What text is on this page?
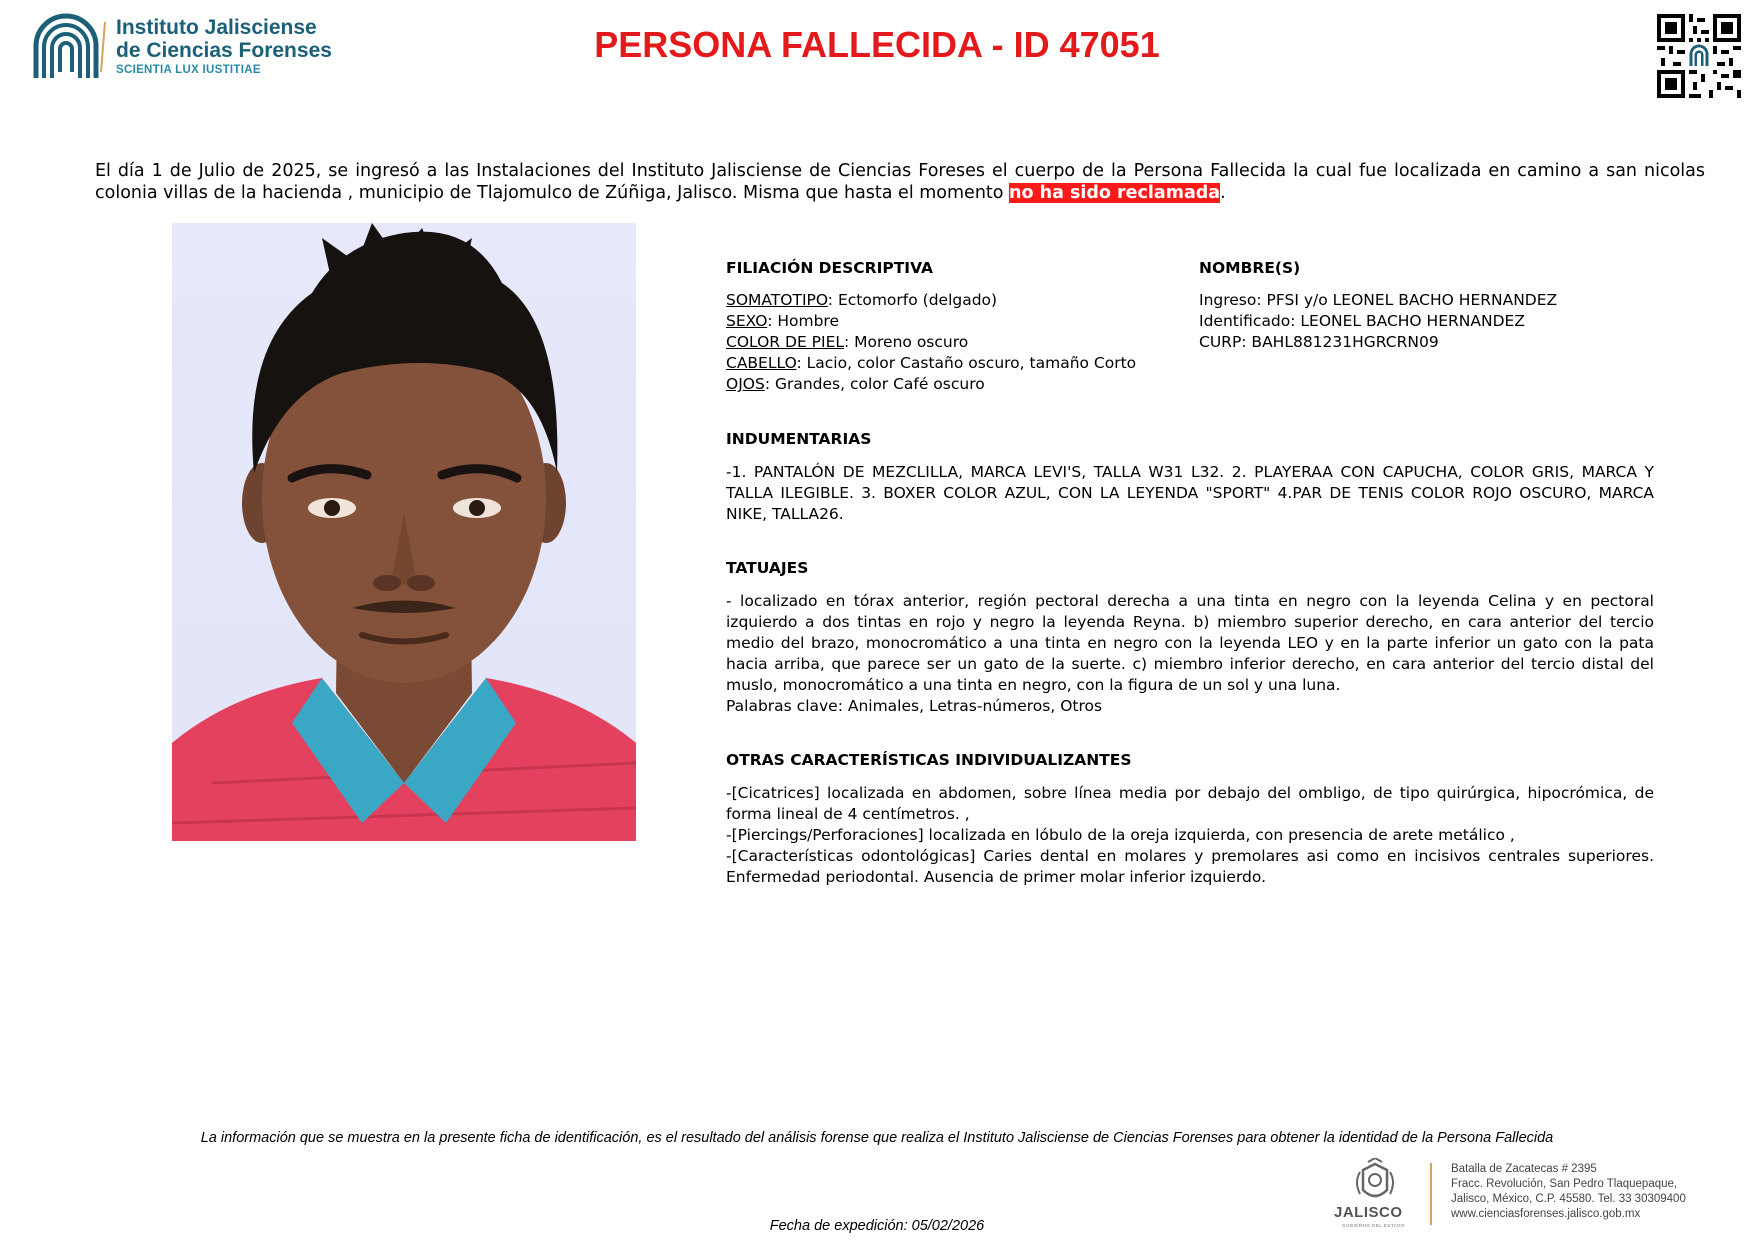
Instituto Jalisciense
de Ciencias Forenses
SCIENTIA LUX IUSTITIAE
PERSONA FALLECIDA - ID 47051
El día 1 de Julio de 2025, se ingresó a las Instalaciones del Instituto Jalisciense de Ciencias Foreses el cuerpo de la Persona Fallecida la cual fue localizada en camino a san nicolas colonia villas de la hacienda , municipio de Tlajomulco de Zúñiga, Jalisco. Misma que hasta el momento no ha sido reclamada.
FILIACIÓN DESCRIPTIVA
SOMATOTIPO: Ectomorfo (delgado)
SEXO: Hombre
COLOR DE PIEL: Moreno oscuro
CABELLO: Lacio, color Castaño oscuro, tamaño Corto
OJOS: Grandes, color Café oscuro
NOMBRE(S)
Ingreso: PFSI y/o LEONEL BACHO HERNANDEZ
Identificado: LEONEL BACHO HERNANDEZ
CURP: BAHL881231HGRCRN09
INDUMENTARIAS
-1. PANTALÓN DE MEZCLILLA, MARCA LEVI'S, TALLA W31 L32. 2. PLAYERAA CON CAPUCHA, COLOR GRIS, MARCA Y TALLA ILEGIBLE. 3. BOXER COLOR AZUL, CON LA LEYENDA "SPORT" 4.PAR DE TENIS COLOR ROJO OSCURO, MARCA NIKE, TALLA26.
TATUAJES
- localizado en tórax anterior, región pectoral derecha a una tinta en negro con la leyenda Celina y en pectoral izquierdo a dos tintas en rojo y negro la leyenda Reyna. b) miembro superior derecho, en cara anterior del tercio medio del brazo, monocromático a una tinta en negro con la leyenda LEO y en la parte inferior un gato con la pata hacia arriba, que parece ser un gato de la suerte. c) miembro inferior derecho, en cara anterior del tercio distal del muslo, monocromático a una tinta en negro, con la figura de un sol y una luna.
Palabras clave: Animales, Letras-números, Otros
OTRAS CARACTERÍSTICAS INDIVIDUALIZANTES
-[Cicatrices] localizada en abdomen, sobre línea media por debajo del ombligo, de tipo quirúrgica, hipocrómica, de forma lineal de 4 centímetros. ,
-[Piercings/Perforaciones] localizada en lóbulo de la oreja izquierda, con presencia de arete metálico ,
-[Características odontológicas] Caries dental en molares y premolares asi como en incisivos centrales superiores. Enfermedad periodontal. Ausencia de primer molar inferior izquierdo.
La información que se muestra en la presente ficha de identificación, es el resultado del análisis forense que realiza el Instituto Jalisciense de Ciencias Forenses para obtener la identidad de la Persona Fallecida
JALISCO
GOBIERNO DEL ESTADO
Batalla de Zacatecas # 2395
Fracc. Revolución, San Pedro Tlaquepaque,
Jalisco, México, C.P. 45580. Tel. 33 30309400
www.cienciasforenses.jalisco.gob.mx
Fecha de expedición: 05/02/2026
